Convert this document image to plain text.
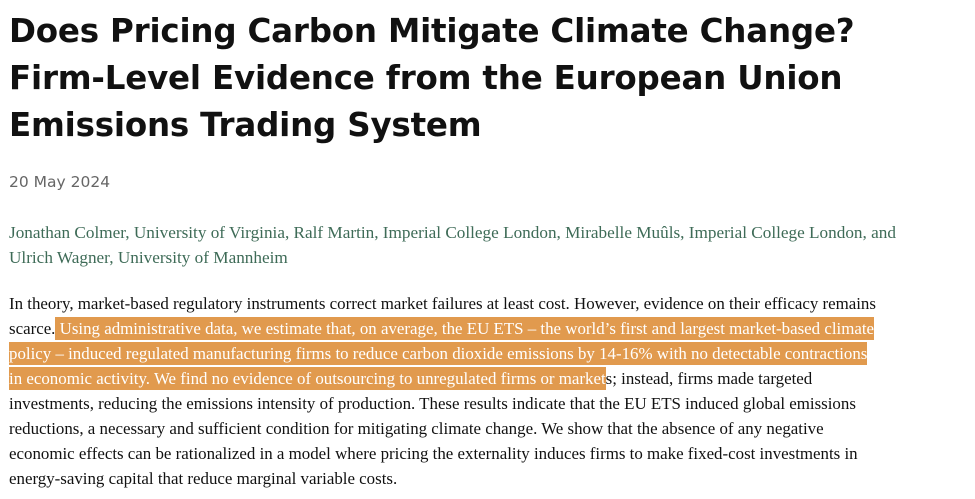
Does Pricing Carbon Mitigate Climate Change?
Firm-Level Evidence from the European Union
Emissions Trading System
20 May 2024
Jonathan Colmer, University of Virginia, Ralf Martin, Imperial College London, Mirabelle Muûls, Imperial College London, and
Ulrich Wagner, University of Mannheim
In theory, market-based regulatory instruments correct market failures at least cost. However, evidence on their efficacy remains
scarce. Using administrative data, we estimate that, on average, the EU ETS – the world’s first and largest market-based climate
policy – induced regulated manufacturing firms to reduce carbon dioxide emissions by 14-16% with no detectable contractions
in economic activity. We find no evidence of outsourcing to unregulated firms or markets; instead, firms made targeted
investments, reducing the emissions intensity of production. These results indicate that the EU ETS induced global emissions
reductions, a necessary and sufficient condition for mitigating climate change. We show that the absence of any negative
economic effects can be rationalized in a model where pricing the externality induces firms to make fixed-cost investments in
energy-saving capital that reduce marginal variable costs.
